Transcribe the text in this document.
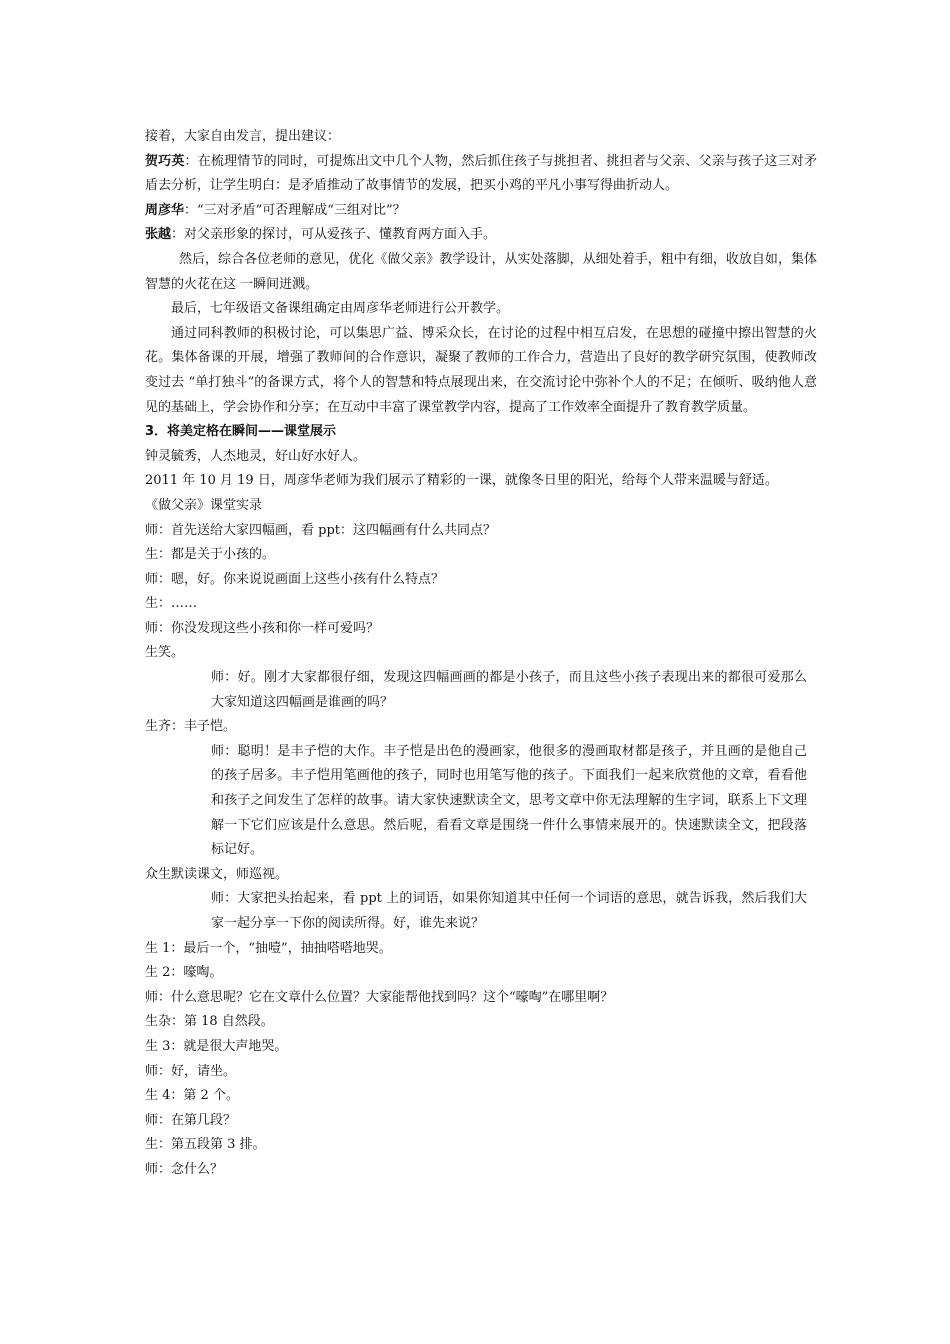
接着，大家自由发言，提出建议：

贺巧英：在梳理情节的同时，可提炼出文中几个人物，然后抓住孩子与挑担者、挑担者与父亲、父亲与孩子这三对矛盾去分析，让学生明白：是矛盾推动了故事情节的发展，把买小鸡的平凡小事写得曲折动人。

周彦华：“三对矛盾”可否理解成“三组对比”？

张越：对父亲形象的探讨，可从爱孩子、懂教育两方面入手。

然后，综合各位老师的意见，优化《做父亲》教学设计，从实处落脚，从细处着手，粗中有细，收放自如，集体智慧的火花在这 一瞬间迸溅。

最后，七年级语文备课组确定由周彦华老师进行公开教学。

通过同科教师的积极讨论，可以集思广益、博采众长，在讨论的过程中相互启发，在思想的碰撞中擦出智慧的火花。集体备课的开展，增强了教师间的合作意识，凝聚了教师的工作合力，营造出了良好的教学研究氛围，使教师改变过去 “单打独斗”的备课方式，将个人的智慧和特点展现出来，在交流讨论中弥补个人的不足；在倾听、吸纳他人意见的基础上，学会协作和分享；在互动中丰富了课堂教学内容，提高了工作效率全面提升了教育教学质量。

3．将美定格在瞬间——课堂展示

钟灵毓秀，人杰地灵，好山好水好人。

2011 年 10 月 19 日，周彦华老师为我们展示了精彩的一课，就像冬日里的阳光，给每个人带来温暖与舒适。

《做父亲》课堂实录

师：首先送给大家四幅画，看 ppt：这四幅画有什么共同点？

生：都是关于小孩的。

师：嗯，好。你来说说画面上这些小孩有什么特点？

生：……

师：你没发现这些小孩和你一样可爱吗？

生笑。

师：好。刚才大家都很仔细，发现这四幅画画的都是小孩子，而且这些小孩子表现出来的都很可爱那么大家知道这四幅画是谁画的吗？

生齐：丰子恺。

师：聪明！是丰子恺的大作。丰子恺是出色的漫画家，他很多的漫画取材都是孩子，并且画的是他自己的孩子居多。丰子恺用笔画他的孩子，同时也用笔写他的孩子。下面我们一起来欣赏他的文章，看看他和孩子之间发生了怎样的故事。请大家快速默读全文，思考文章中你无法理解的生字词，联系上下文理解一下它们应该是什么意思。然后呢，看看文章是围绕一件什么事情来展开的。快速默读全文，把段落标记好。

众生默读课文，师巡视。

师：大家把头抬起来，看 ppt 上的词语，如果你知道其中任何一个词语的意思，就告诉我，然后我们大家一起分享一下你的阅读所得。好，谁先来说？

生 1：最后一个，“抽噎”，抽抽嗒嗒地哭。

生 2：嚎啕。

师：什么意思呢？它在文章什么位置？大家能帮他找到吗？这个“嚎啕”在哪里啊？

生杂：第 18 自然段。

生 3：就是很大声地哭。

师：好，请坐。

生 4：第 2 个。

师：在第几段？

生：第五段第 3 排。

师：念什么？
